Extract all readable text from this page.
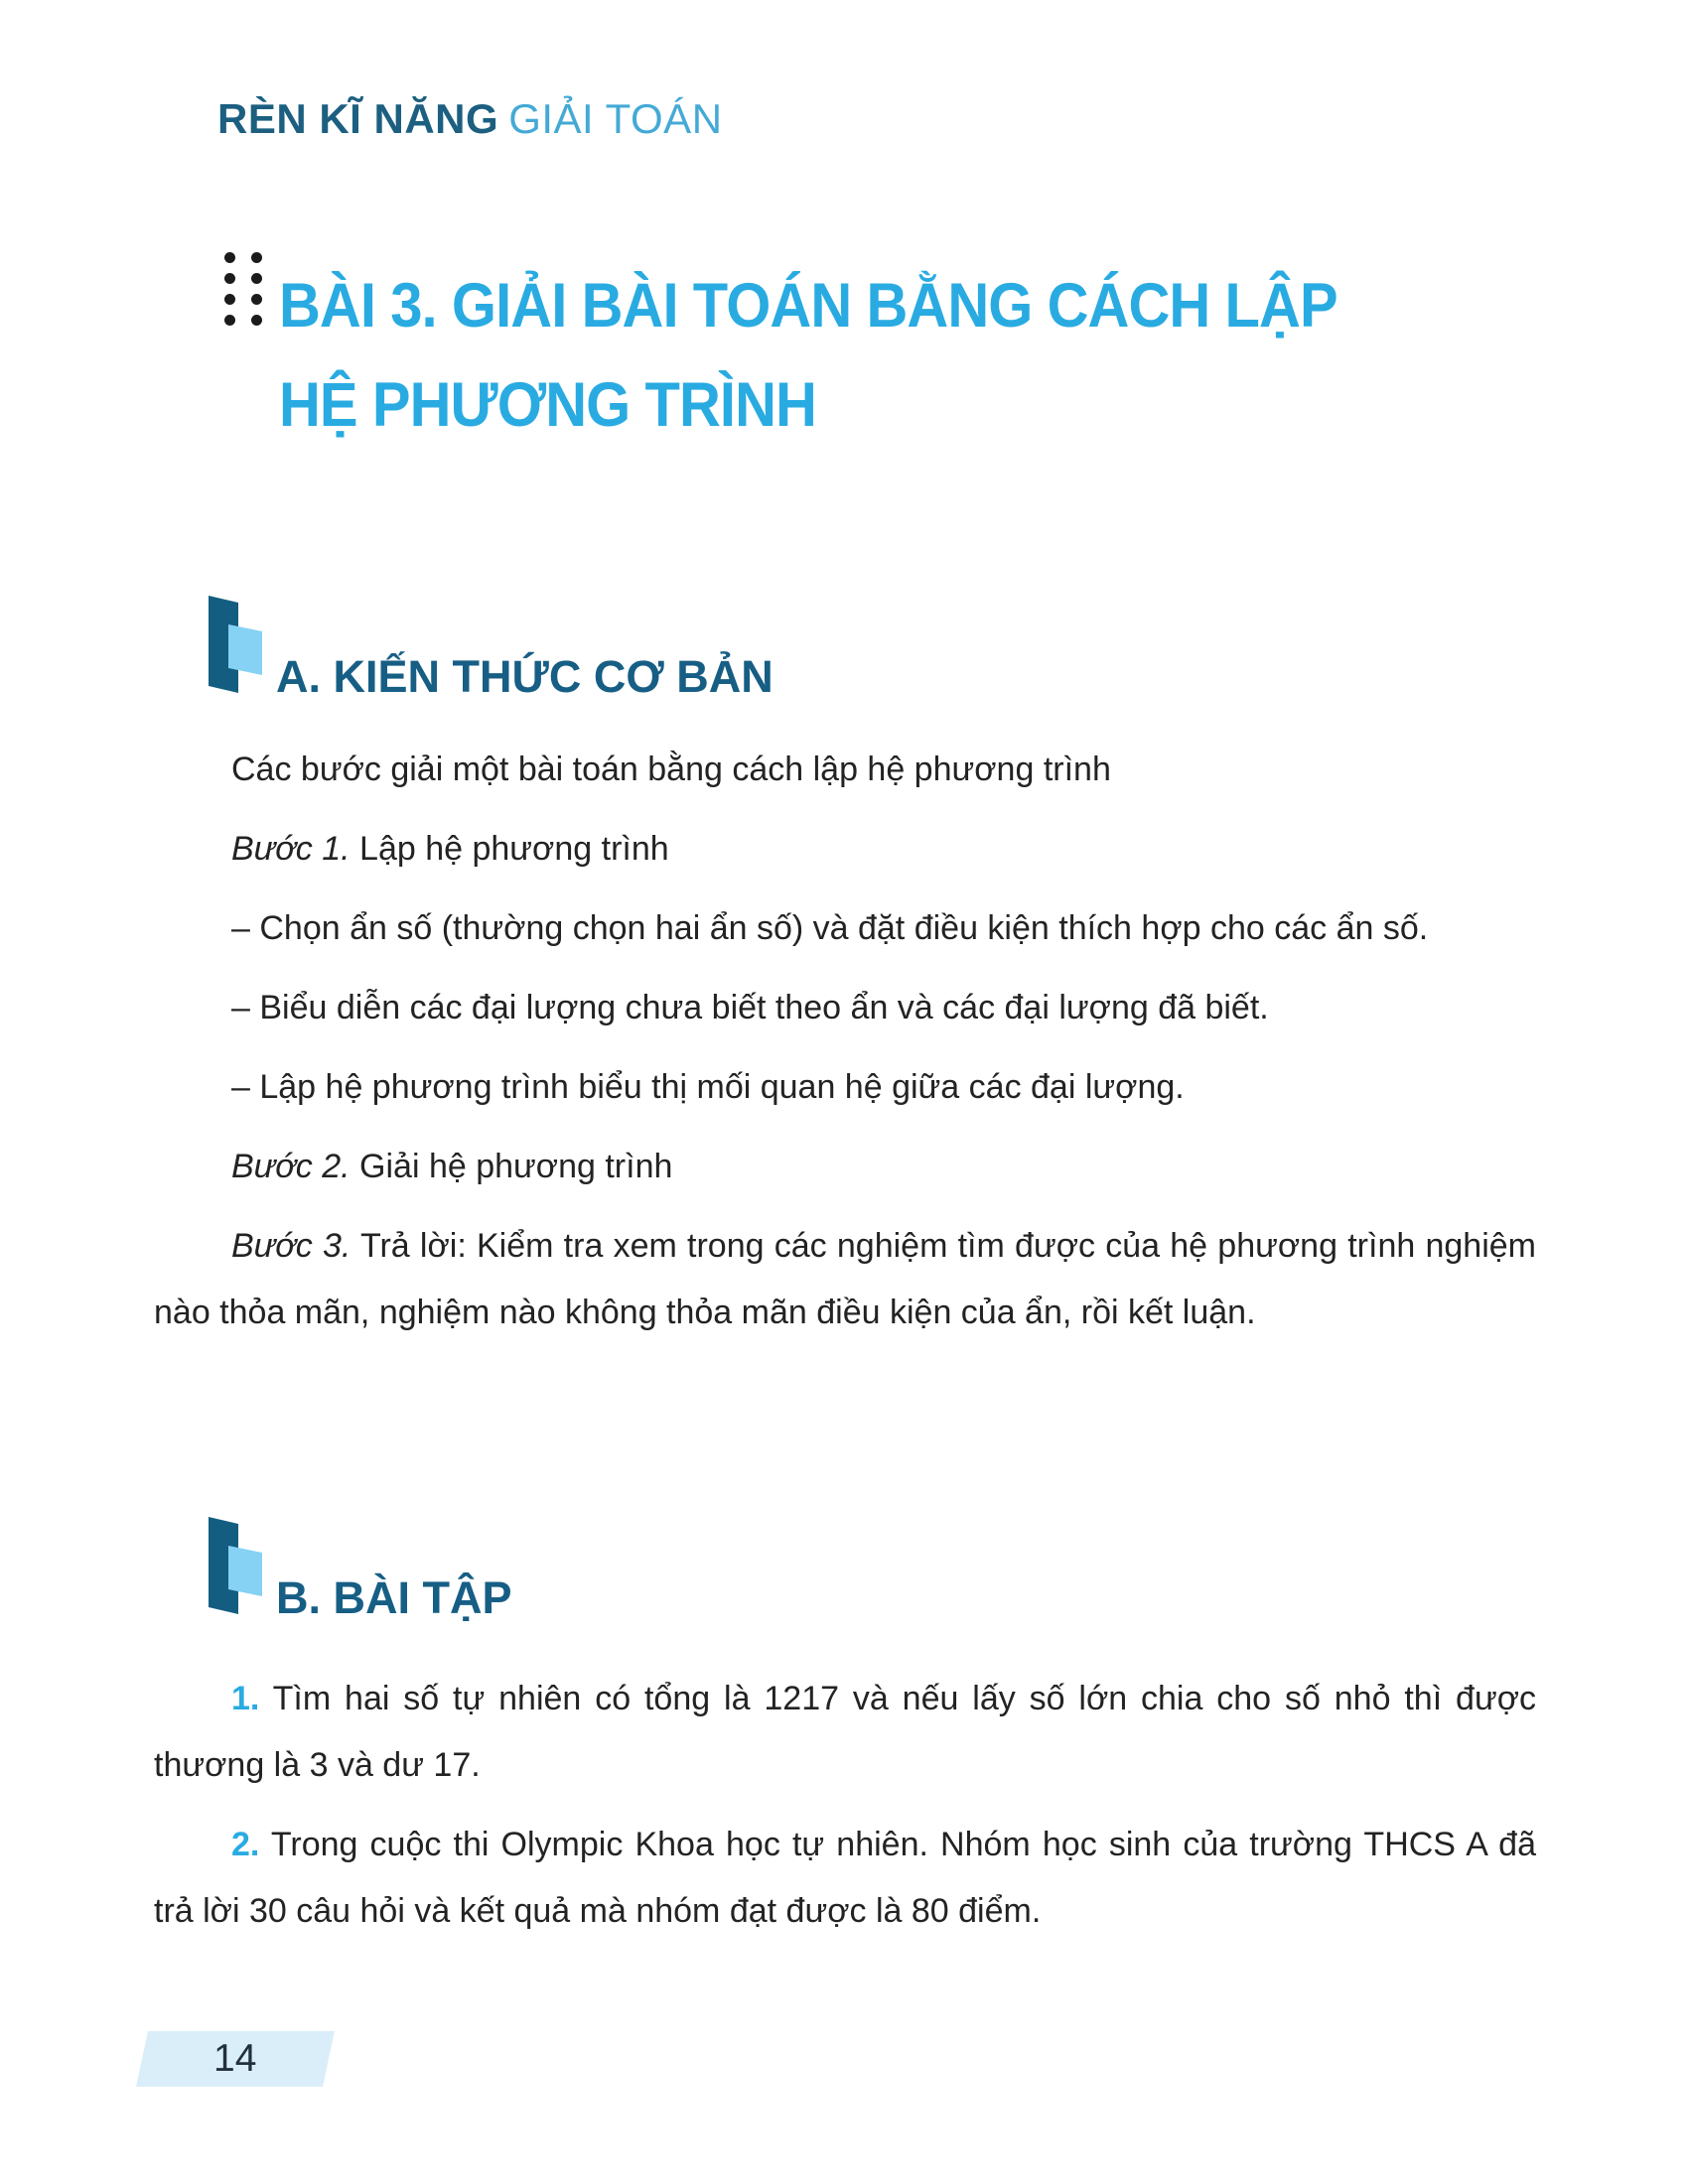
RÈN KĨ NĂNG GIẢI TOÁN
BÀI 3. GIẢI BÀI TOÁN BẰNG CÁCH LẬP
HỆ PHƯƠNG TRÌNH
A. KIẾN THỨC CƠ BẢN

Các bước giải một bài toán bằng cách lập hệ phương trình

Bước 1. Lập hệ phương trình

– Chọn ẩn số (thường chọn hai ẩn số) và đặt điều kiện thích hợp cho các ẩn số.

– Biểu diễn các đại lượng chưa biết theo ẩn và các đại lượng đã biết.

– Lập hệ phương trình biểu thị mối quan hệ giữa các đại lượng.

Bước 2. Giải hệ phương trình

Bước 3. Trả lời: Kiểm tra xem trong các nghiệm tìm được của hệ phương trình nghiệm nào thỏa mãn, nghiệm nào không thỏa mãn điều kiện của ẩn, rồi kết luận.

B. BÀI TẬP

1. Tìm hai số tự nhiên có tổng là 1217 và nếu lấy số lớn chia cho số nhỏ thì được thương là 3 và dư 17.

2. Trong cuộc thi Olympic Khoa học tự nhiên. Nhóm học sinh của trường THCS A đã trả lời 30 câu hỏi và kết quả mà nhóm đạt được là 80 điểm.

14
